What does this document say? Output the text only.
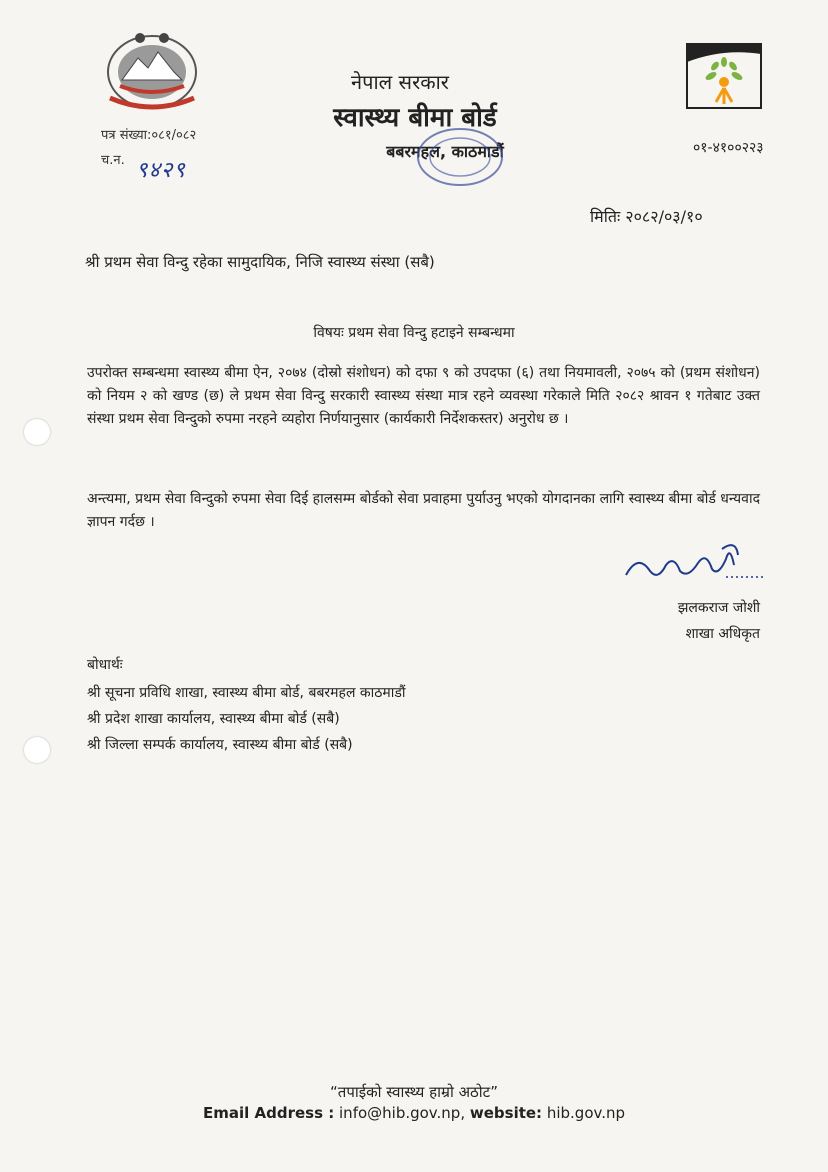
नेपाल सरकार
स्वास्थ्य बीमा बोर्ड
बबरमहल, काठमाडौं	०१-४१००२२३
पत्र संख्या:०८१/०८२
च.न. ९४२९
मितिः २०८२/०३/१०
श्री प्रथम सेवा विन्दु रहेका सामुदायिक, निजि स्वास्थ्य संस्था (सबै)
विषयः प्रथम सेवा विन्दु हटाइने सम्बन्धमा
उपरोक्त सम्बन्धमा स्वास्थ्य बीमा ऐन, २०७४ (दोस्रो संशोधन) को दफा ९ को उपदफा (६) तथा नियमावली, २०७५ को (प्रथम संशोधन) को नियम २ को खण्ड (छ) ले प्रथम सेवा विन्दु सरकारी स्वास्थ्य संस्था मात्र रहने व्यवस्था गरेकाले मिति २०८२ श्रावन १ गतेबाट उक्त संस्था प्रथम सेवा विन्दुको रुपमा नरहने व्यहोरा निर्णयानुसार (कार्यकारी निर्देशकस्तर) अनुरोध छ ।
अन्त्यमा, प्रथम सेवा विन्दुको रुपमा सेवा दिई हालसम्म बोर्डको सेवा प्रवाहमा पुर्याउनु भएको योगदानका लागि स्वास्थ्य बीमा बोर्ड धन्यवाद ज्ञापन गर्दछ ।
झलकराज जोशी
शाखा अधिकृत
बोधार्थः
श्री सूचना प्रविधि शाखा, स्वास्थ्य बीमा बोर्ड, बबरमहल काठमाडौं
श्री प्रदेश शाखा कार्यालय, स्वास्थ्य बीमा बोर्ड (सबै)
श्री जिल्ला सम्पर्क कार्यालय, स्वास्थ्य बीमा बोर्ड (सबै)
“तपाईको स्वास्थ्य हाम्रो अठोट”
Email Address : info@hib.gov.np, website: hib.gov.np
